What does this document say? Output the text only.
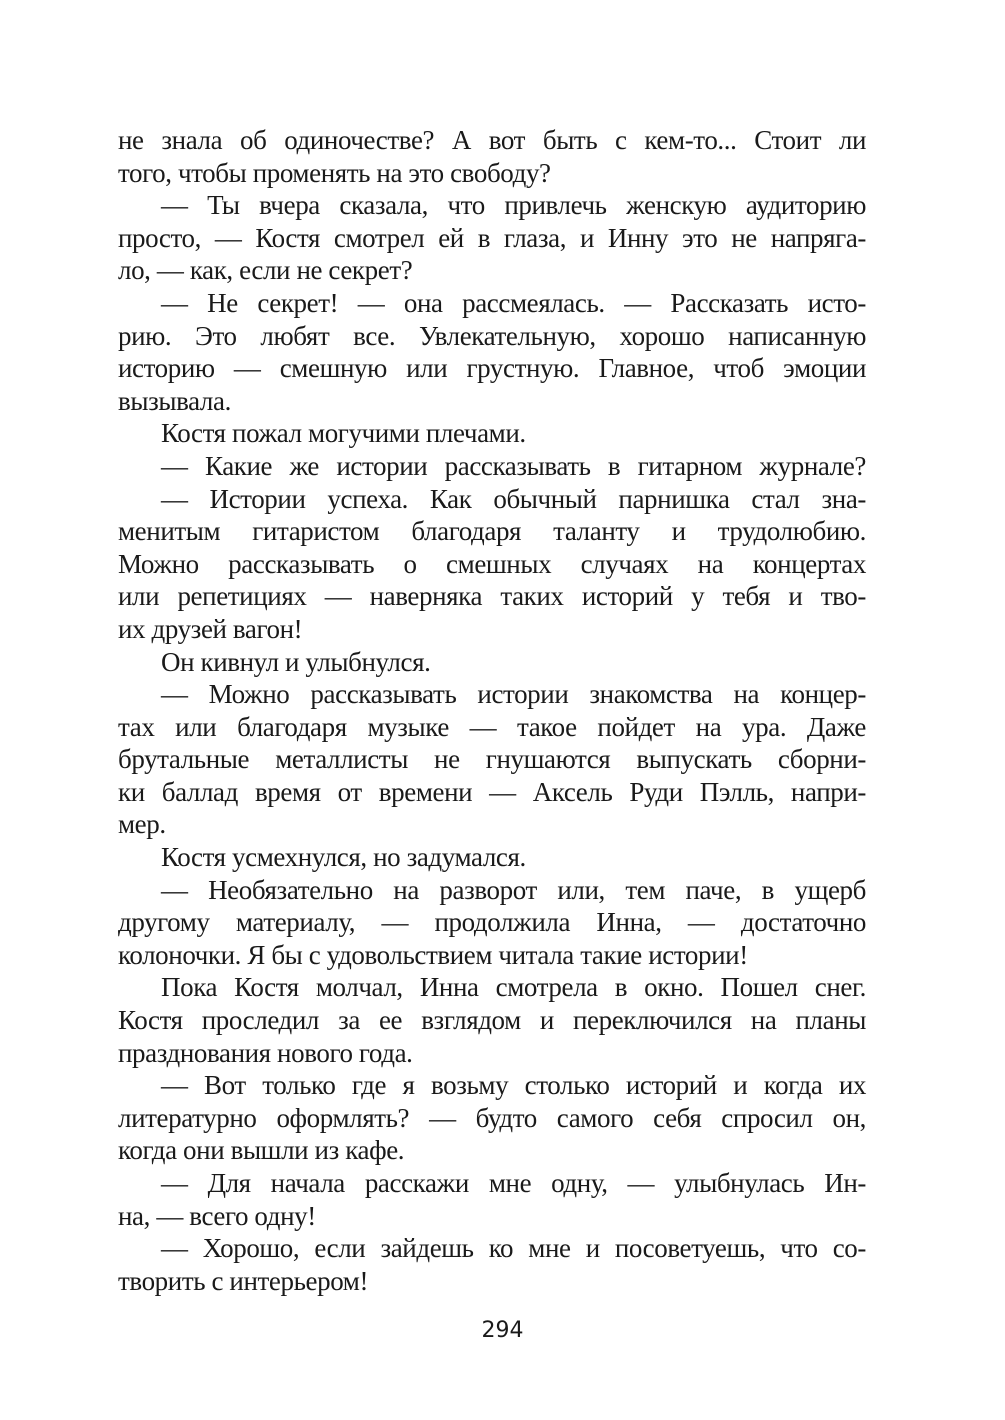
не знала об одиночестве? А вот быть с кем-то... Стоит ли
того, чтобы променять на это свободу?
— Ты вчера сказала, что привлечь женскую аудиторию
просто, — Костя смотрел ей в глаза, и Инну это не напряга-
ло, — как, если не секрет?
— Не секрет! — она рассмеялась. — Рассказать исто-
рию. Это любят все. Увлекательную, хорошо написанную
историю — смешную или грустную. Главное, чтоб эмоции
вызывала.
Костя пожал могучими плечами.
— Какие же истории рассказывать в гитарном журнале?
— Истории успеха. Как обычный парнишка стал зна-
менитым гитаристом благодаря таланту и трудолюбию.
Можно рассказывать о смешных случаях на концертах
или репетициях — наверняка таких историй у тебя и тво-
их друзей вагон!
Он кивнул и улыбнулся.
— Можно рассказывать истории знакомства на концер-
тах или благодаря музыке — такое пойдет на ура. Даже
брутальные металлисты не гнушаются выпускать сборни-
ки баллад время от времени — Аксель Руди Пэлль, напри-
мер.
Костя усмехнулся, но задумался.
— Необязательно на разворот или, тем паче, в ущерб
другому материалу, — продолжила Инна, — достаточно
колоночки. Я бы с удовольствием читала такие истории!
Пока Костя молчал, Инна смотрела в окно. Пошел снег.
Костя проследил за ее взглядом и переключился на планы
празднования нового года.
— Вот только где я возьму столько историй и когда их
литературно оформлять? — будто самого себя спросил он,
когда они вышли из кафе.
— Для начала расскажи мне одну, — улыбнулась Ин-
на, — всего одну!
— Хорошо, если зайдешь ко мне и посоветуешь, что со-
творить с интерьером!
294
